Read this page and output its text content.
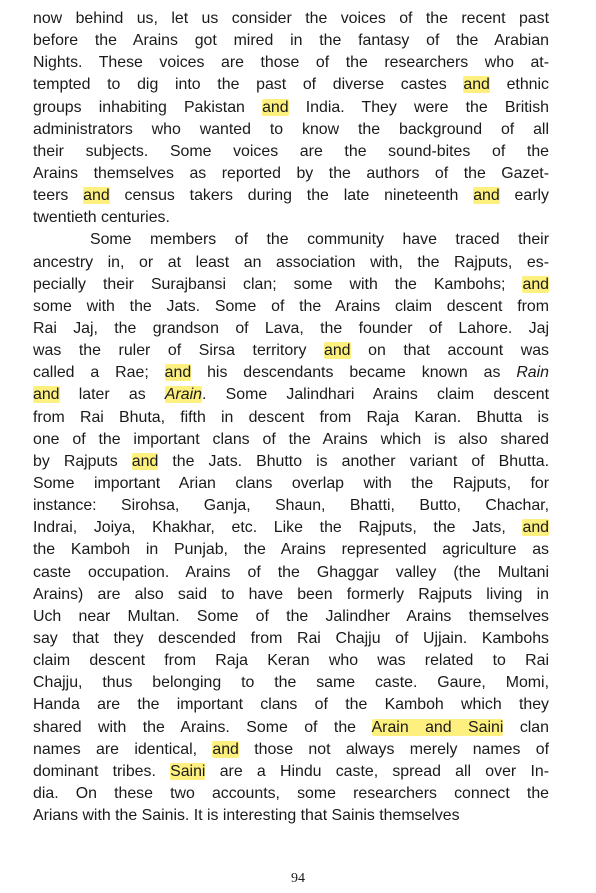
now behind us, let us consider the voices of the recent past
before the Arains got mired in the fantasy of the Arabian
Nights. These voices are those of the researchers who at-
tempted to dig into the past of diverse castes and ethnic
groups inhabiting Pakistan and India. They were the British
administrators who wanted to know the background of all
their subjects. Some voices are the sound-bites of the
Arains themselves as reported by the authors of the Gazet-
teers and census takers during the late nineteenth and early
twentieth centuries.
Some members of the community have traced their
ancestry in, or at least an association with, the Rajputs, es-
pecially their Surajbansi clan; some with the Kambohs; and
some with the Jats. Some of the Arains claim descent from
Rai Jaj, the grandson of Lava, the founder of Lahore. Jaj
was the ruler of Sirsa territory and on that account was
called a Rae; and his descendants became known as Rain
and later as Arain. Some Jalindhari Arains claim descent
from Rai Bhuta, fifth in descent from Raja Karan. Bhutta is
one of the important clans of the Arains which is also shared
by Rajputs and the Jats. Bhutto is another variant of Bhutta.
Some important Arian clans overlap with the Rajputs, for
instance: Sirohsa, Ganja, Shaun, Bhatti, Butto, Chachar,
Indrai, Joiya, Khakhar, etc. Like the Rajputs, the Jats, and
the Kamboh in Punjab, the Arains represented agriculture as
caste occupation. Arains of the Ghaggar valley (the Multani
Arains) are also said to have been formerly Rajputs living in
Uch near Multan. Some of the Jalindher Arains themselves
say that they descended from Rai Chajju of Ujjain. Kambohs
claim descent from Raja Keran who was related to Rai
Chajju, thus belonging to the same caste. Gaure, Momi,
Handa are the important clans of the Kamboh which they
shared with the Arains. Some of the Arain and Saini clan
names are identical, and those not always merely names of
dominant tribes. Saini are a Hindu caste, spread all over In-
dia. On these two accounts, some researchers connect the
Arians with the Sainis. It is interesting that Sainis themselves
94
